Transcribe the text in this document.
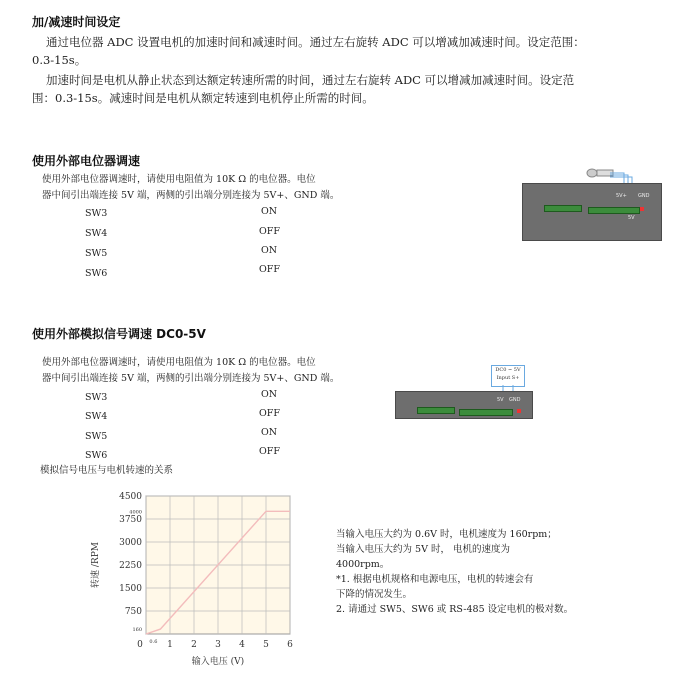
加/减速时间设定
通过电位器 ADC 设置电机的加速时间和减速时间。通过左右旋转 ADC 可以增减加减速时间。设定范围：
0.3-15s。
加速时间是电机从静止状态到达额定转速所需的时间，通过左右旋转 ADC 可以增减加减速时间。设定范
围：0.3-15s。减速时间是电机从额定转速到电机停止所需的时间。
使用外部电位器调速
使用外部电位器调速时，请使用电阻值为 10K Ω 的电位器。电位
器中间引出端连接 5V 端，两侧的引出端分别连接为 5V+、GND 端。
SW3	ON
SW4	OFF
SW5	ON
SW6	OFF
5V+ GND
5V
使用外部模拟信号调速 DC0-5V
使用外部电位器调速时，请使用电阻值为 10K Ω 的电位器。电位
器中间引出端连接 5V 端，两侧的引出端分别连接为 5V+、GND 端。
SW3	ON
SW4	OFF
SW5	ON
SW6	OFF
模拟信号电压与电机转速的关系
DC0 ~ 5V
Input S+
5V GND
0	1 2 3 4 5 6
0.6
750
1500
2250
3000
3750
4500
160
4000
输入电压 (V)
转速 /RPM
当输入电压大约为 0.6V 时，电机速度为 160rpm；
当输入电压大约为 5V 时， 电机的速度为
4000rpm。
*1. 根据电机规格和电源电压，电机的转速会有
下降的情况发生。
2. 请通过 SW5、SW6 或 RS-485 设定电机的极对数。
